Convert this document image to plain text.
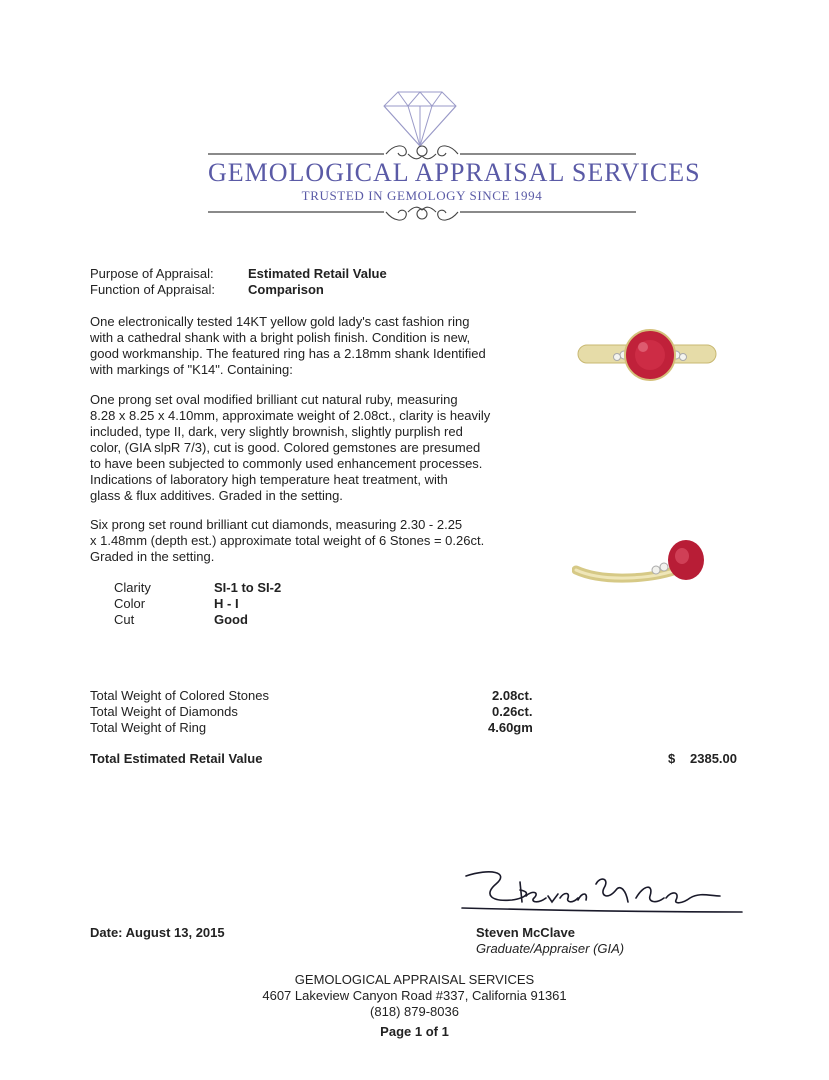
GEMOLOGICAL APPRAISAL SERVICES
TRUSTED IN GEMOLOGY SINCE 1994
Purpose of Appraisal:	Estimated Retail Value
Function of Appraisal:	Comparison
One electronically tested 14KT yellow gold lady's cast fashion ring
with a cathedral shank with a bright polish finish. Condition is new,
good workmanship. The featured ring has a 2.18mm shank Identified
with markings of "K14". Containing:
One prong set oval modified brilliant cut natural ruby, measuring
8.28 x 8.25 x 4.10mm, approximate weight of 2.08ct., clarity is heavily
included, type II, dark, very slightly brownish, slightly purplish red
color, (GIA slpR 7/3), cut is good. Colored gemstones are presumed
to have been subjected to commonly used enhancement processes.
Indications of laboratory high temperature heat treatment, with
glass & flux additives. Graded in the setting.
Six prong set round brilliant cut diamonds, measuring 2.30 - 2.25
x 1.48mm (depth est.) approximate total weight of 6 Stones = 0.26ct.
Graded in the setting.
Clarity	SI-1 to SI-2
Color	H - I
Cut	Good
Total Weight of Colored Stones	2.08ct.
Total Weight of Diamonds	0.26ct.
Total Weight of Ring	4.60gm
Total Estimated Retail Value	$ 2385.00
Date: August 13, 2015	Steven McClave
Graduate/Appraiser (GIA)
GEMOLOGICAL APPRAISAL SERVICES
4607 Lakeview Canyon Road #337, California 91361
(818) 879-8036
Page 1 of 1
